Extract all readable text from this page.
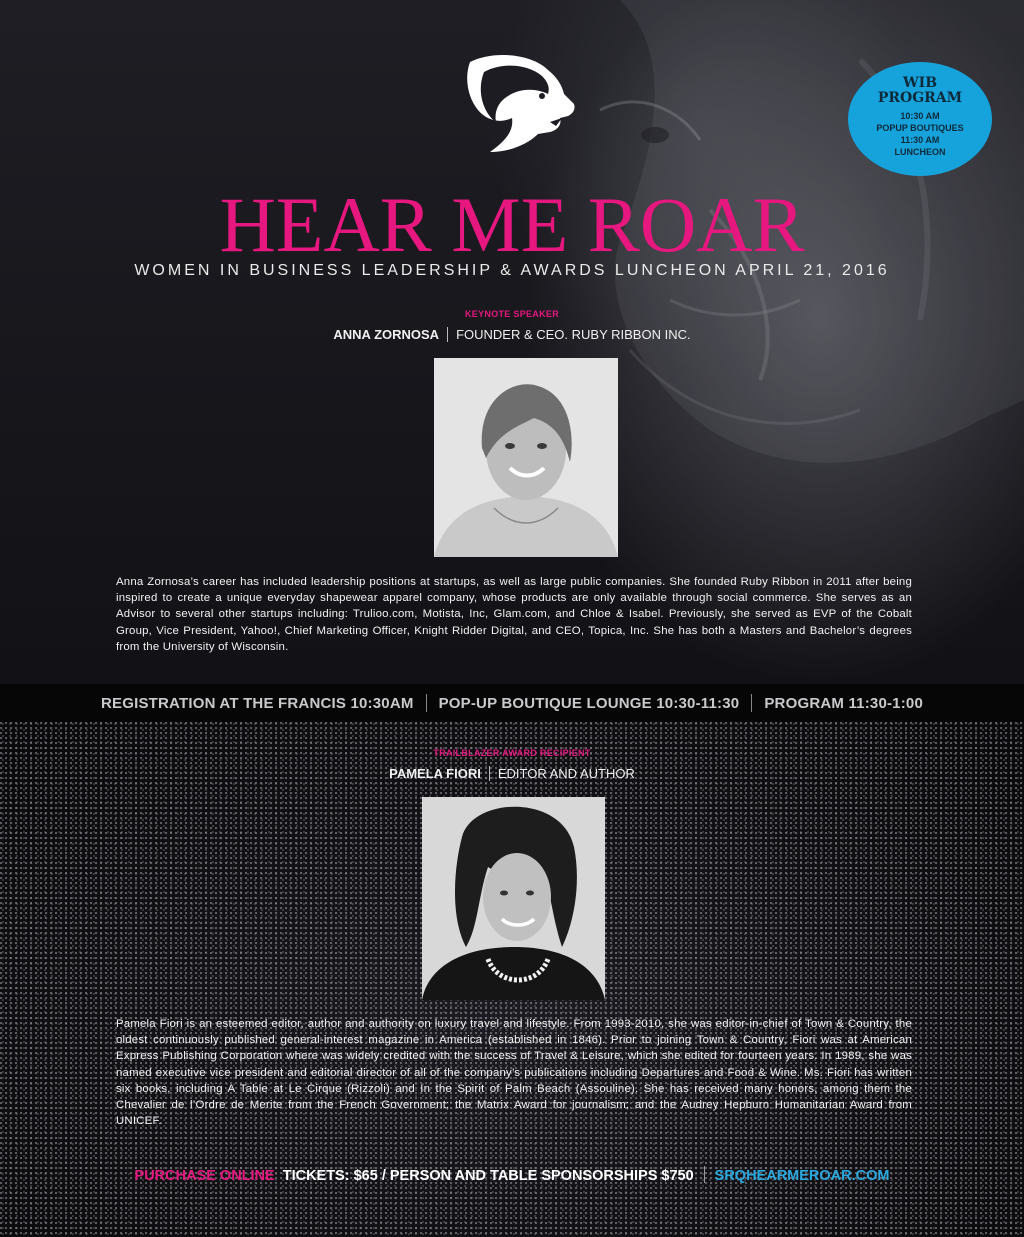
WIB
PROGRAM
10:30 AM
POPUP BOUTIQUES
11:30 AM
LUNCHEON
HEAR ME ROAR
WOMEN IN BUSINESS LEADERSHIP & AWARDS LUNCHEON APRIL 21, 2016
KEYNOTE SPEAKER
ANNA ZORNOSA FOUNDER & CEO. RUBY RIBBON INC.

Anna Zornosa’s career has included leadership positions at startups, as well as large public companies. She founded Ruby Ribbon in 2011 after being inspired to create a unique everyday shapewear apparel company, whose products are only available through social commerce. She serves as an Advisor to several other startups including: Trulioo.com, Motista, Inc, Glam.com, and Chloe & Isabel. Previously, she served as EVP of the Cobalt Group, Vice President, Yahoo!, Chief Marketing Officer, Knight Ridder Digital, and CEO, Topica, Inc. She has both a Masters and Bachelor’s degrees from the University of Wisconsin.

REGISTRATION AT THE FRANCIS 10:30AM POP-UP BOUTIQUE LOUNGE 10:30-11:30 PROGRAM 11:30-1:00
TRAILBLAZER AWARD RECIPIENT
PAMELA FIORI EDITOR AND AUTHOR

Pamela Fiori is an esteemed editor, author and authority on luxury travel and lifestyle. From 1993-2010, she was editor-in-chief of Town & Country, the oldest continuously published general-interest magazine in America (established in 1846). Prior to joining Town & Country, Fiori was at American Express Publishing Corporation where was widely credited with the success of Travel & Leisure, which she edited for fourteen years. In 1989, she was named executive vice president and editorial director of all of the company’s publications including Departures and Food & Wine. Ms. Fiori has written six books, including A Table at Le Cirque (Rizzoli) and In the Spirit of Palm Beach (Assouline). She has received many honors, among them the Chevalier de l’Ordre de Merite from the French Government; the Matrix Award for journalism; and the Audrey Hepburn Humanitarian Award from UNICEF.

PURCHASE ONLINE TICKETS: $65 / PERSON AND TABLE SPONSORSHIPS $750 SRQHEARMEROAR.COM
